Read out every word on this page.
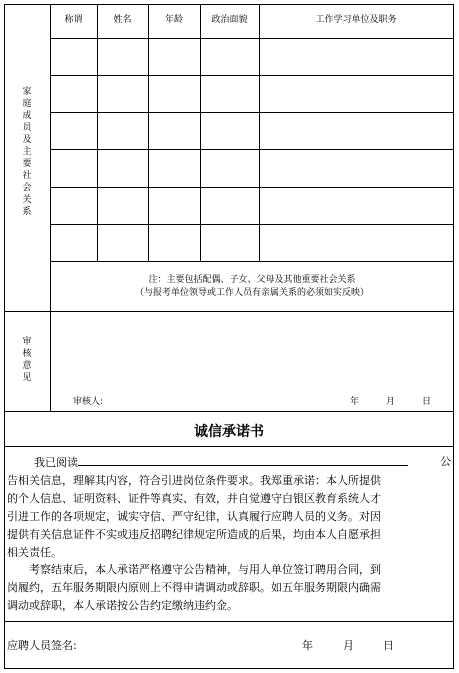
家
庭
成
员
及
主
要
社
会
关
系
称谓	姓名	年龄	政治面貌	工作学习单位及职务
注：主要包括配偶、子女、父母及其他重要社会关系
（与报考单位领导或工作人员有亲属关系的必须如实反映）
审
核
意
见
审核人:	年	月	日
诚信承诺书
我已阅读	公
告相关信息，理解其内容，符合引进岗位条件要求。我郑重承诺：本人所提供
的个人信息、证明资料、证件等真实、有效，并自觉遵守白银区教育系统人才
引进工作的各项规定，诚实守信、严守纪律，认真履行应聘人员的义务。对因
提供有关信息证件不实或违反招聘纪律规定所造成的后果，均由本人自愿承担
相关责任。
考察结束后，本人承诺严格遵守公告精神，与用人单位签订聘用合同，到
岗履约，五年服务期限内原则上不得申请调动或辞职。如五年服务期限内确需
调动或辞职，本人承诺按公告约定缴纳违约金。
应聘人员签名:	年	月	日
